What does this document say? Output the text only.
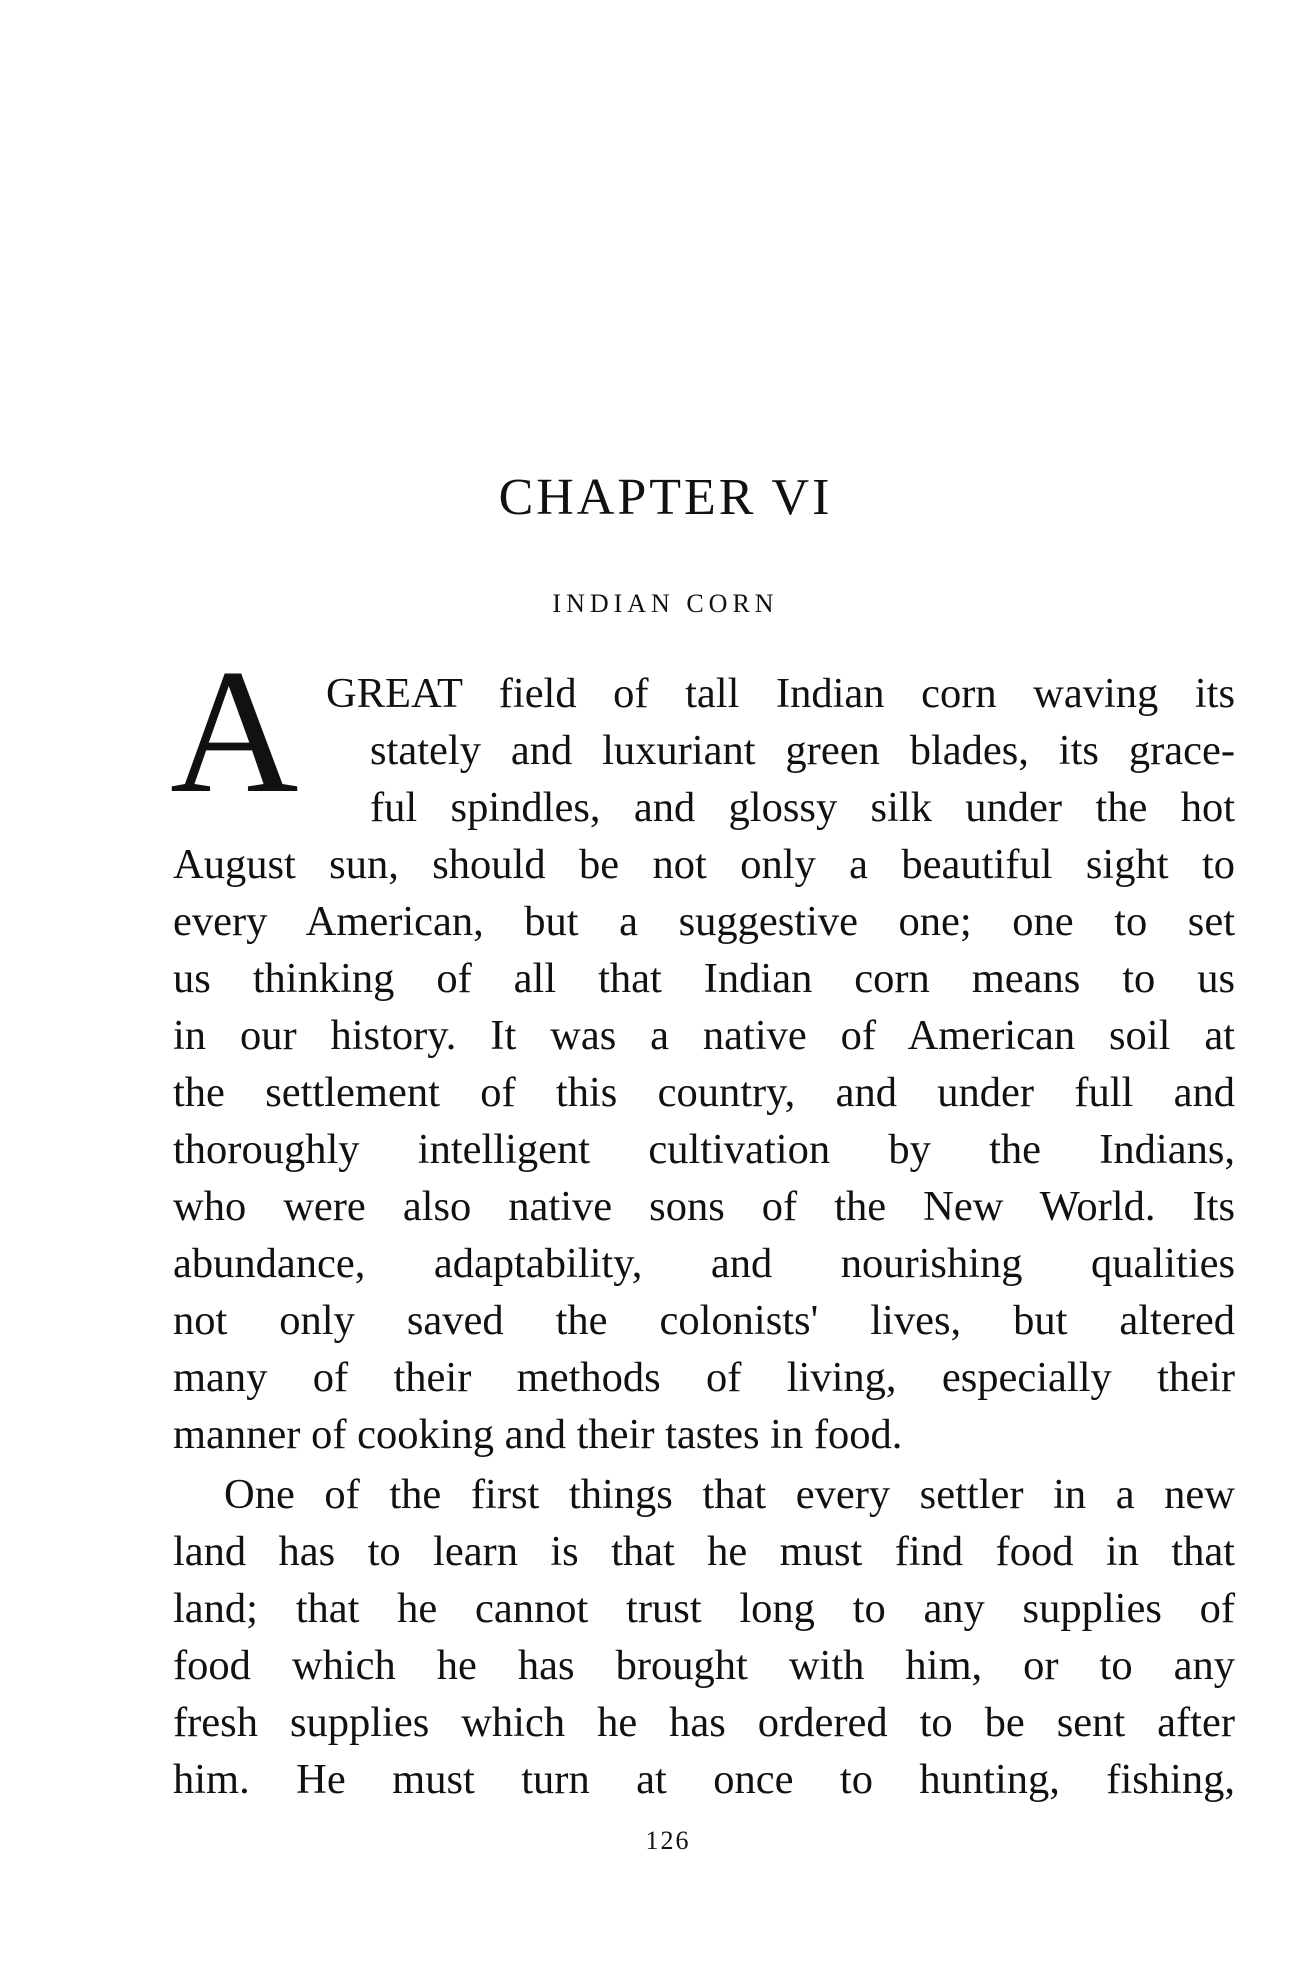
CHAPTER VI
INDIAN CORN
A GREAT field of tall Indian corn waving its
stately and luxuriant green blades, its grace-
ful spindles, and glossy silk under the hot
August sun, should be not only a beautiful sight to
every American, but a suggestive one; one to set
us thinking of all that Indian corn means to us
in our history. It was a native of American soil at
the settlement of this country, and under full and
thoroughly intelligent cultivation by the Indians,
who were also native sons of the New World. Its
abundance, adaptability, and nourishing qualities
not only saved the colonists' lives, but altered
many of their methods of living, especially their
manner of cooking and their tastes in food.
One of the first things that every settler in a new
land has to learn is that he must find food in that
land; that he cannot trust long to any supplies of
food which he has brought with him, or to any
fresh supplies which he has ordered to be sent after
him. He must turn at once to hunting, fishing,
126
